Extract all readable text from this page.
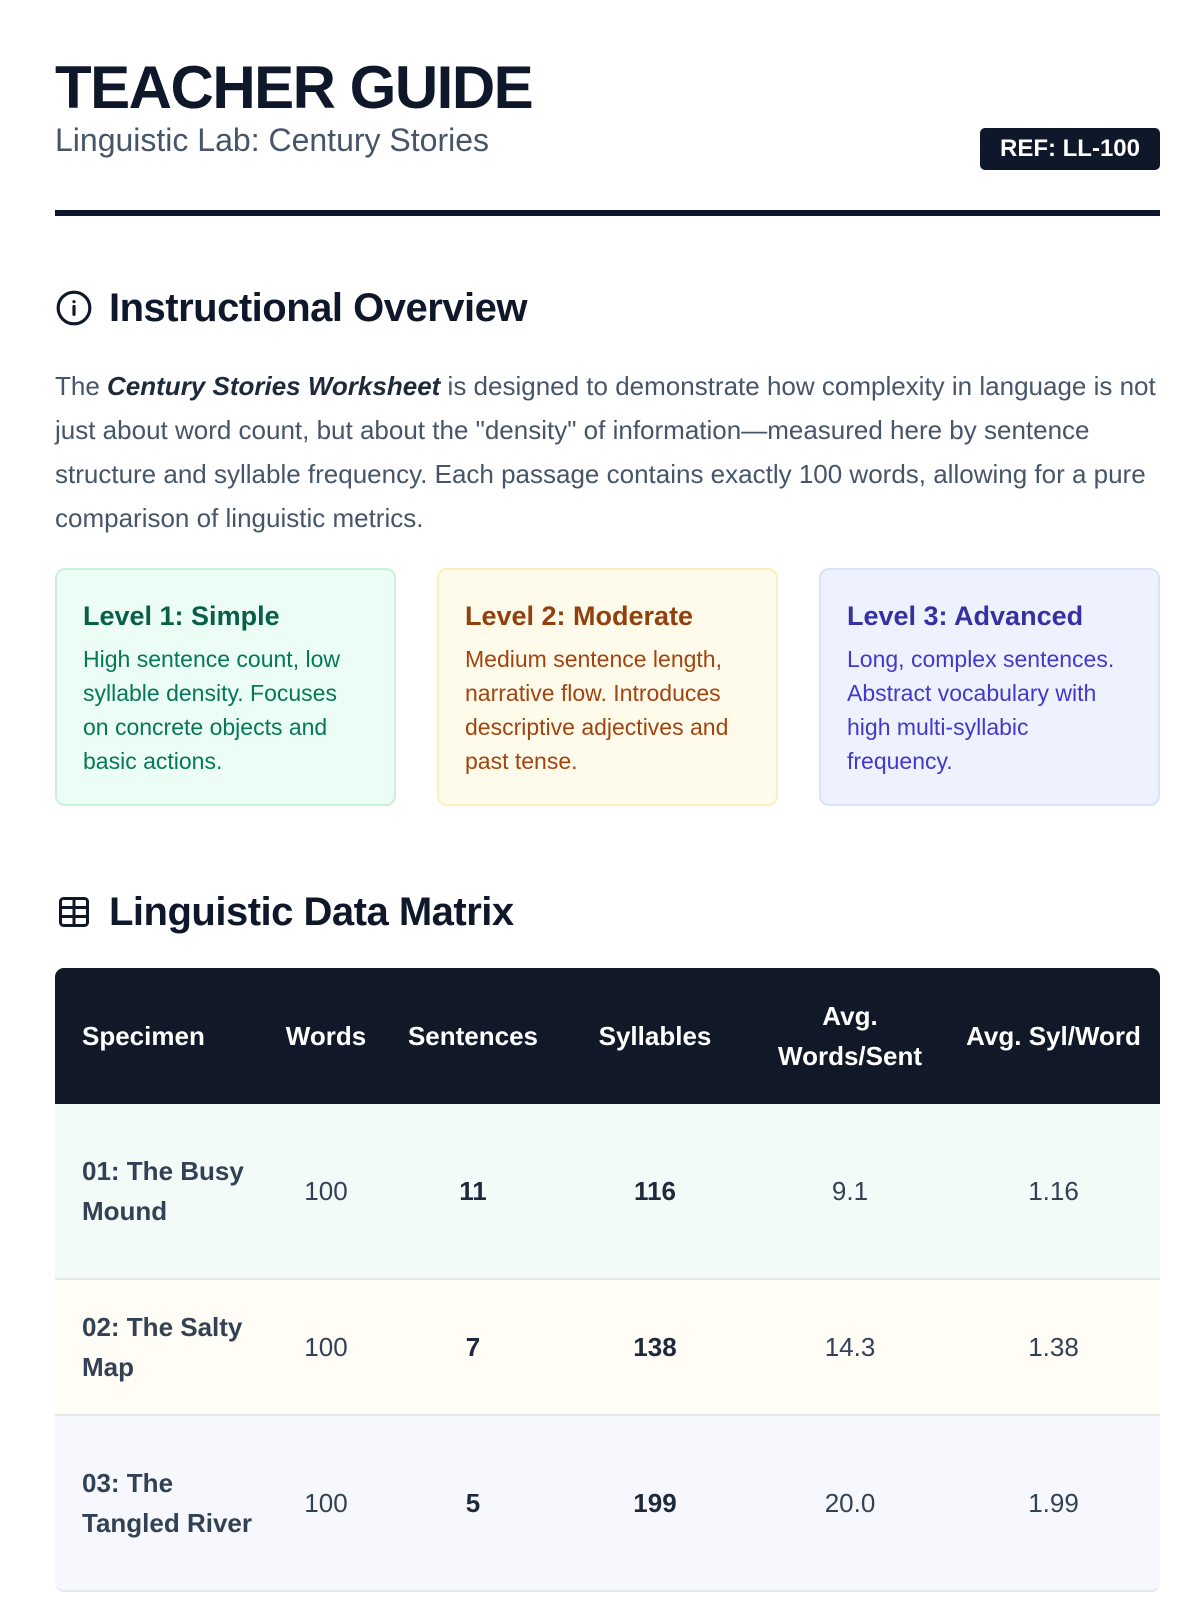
TEACHER GUIDE
Linguistic Lab: Century Stories	REF: LL-100
Instructional Overview

The Century Stories Worksheet is designed to demonstrate how complexity in language is not just about word count, but about the "density" of information—measured here by sentence structure and syllable frequency. Each passage contains exactly 100 words, allowing for a pure comparison of linguistic metrics.

Level 1: Simple

High sentence count, low syllable density. Focuses on concrete objects and basic actions.

Level 2: Moderate

Medium sentence length, narrative flow. Introduces descriptive adjectives and past tense.

Level 3: Advanced

Long, complex sentences. Abstract vocabulary with high multi-syllabic frequency.

Linguistic Data Matrix
Specimen	Words	Sentences	Syllables	Avg. Words/Sent	Avg. Syl/Word
01: The Busy Mound	100	11	116	9.1	1.16
02: The Salty Map	100	7	138	14.3	1.38
03: The Tangled River	100	5	199	20.0	1.99
